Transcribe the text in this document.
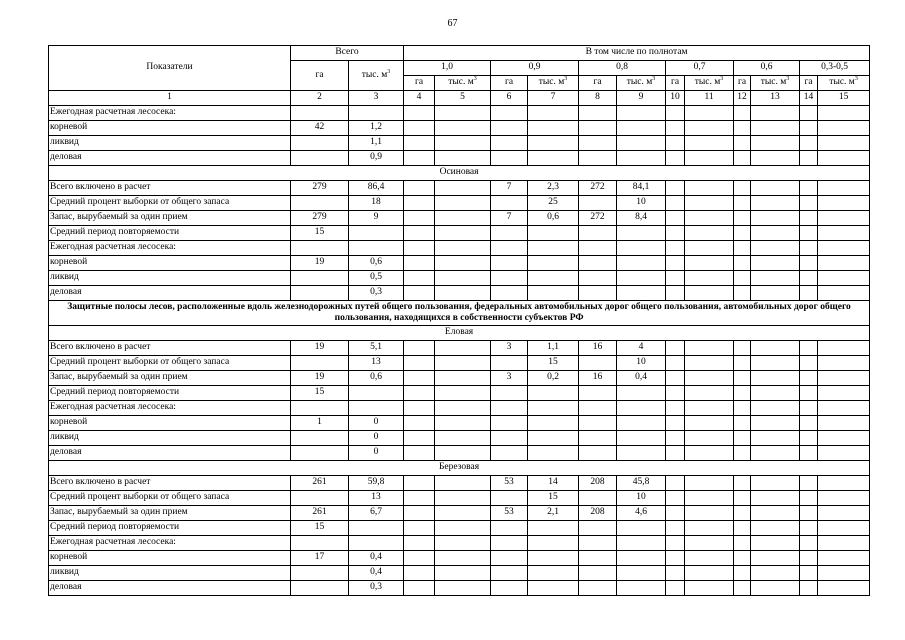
67
Показатели	Всего		В том числе по полнотам											
	га	тыс. $м^3$	1,0		0,9		0,8		0,7		0,6		0,3-0,5	
			га	тыс. $м^3$	га	тыс. $м^3$	га	тыс. $м^3$	га	тыс. $м^3$	га	тыс. $м^3$	га	тыс. $м^3$
1	2	3	4	5	6	7	8	9	10	11	12	13	14	15
Ежегодная расчетная лесосека:														
корневой	42	1,2												
ликвид		1,1												
деловая		0,9												
Осиновая														
Всего включено в расчет	279	86,4			7	2,3	272	84,1						
Средний процент выборки от общего запаса		18				25		10						
Запас, вырубаемый за один прием	279	9			7	0,6	272	8,4						
Средний период повторяемости	15													
Ежегодная расчетная лесосека:														
корневой	19	0,6												
ликвид		0,5												
деловая		0,3												
Защитные полосы лесов, расположенные вдоль железнодорожных путей общего пользования, федеральных автомобильных дорог общего пользования, автомобильных дорог общего пользования, находящихся в собственности субъектов РФ														
Еловая														
Всего включено в расчет	19	5,1			3	1,1	16	4						
Средний процент выборки от общего запаса		13				15		10						
Запас, вырубаемый за один прием	19	0,6			3	0,2	16	0,4						
Средний период повторяемости	15													
Ежегодная расчетная лесосека:														
корневой	1	0												
ликвид		0												
деловая		0												
Березовая														
Всего включено в расчет	261	59,8			53	14	208	45,8						
Средний процент выборки от общего запаса		13				15		10						
Запас, вырубаемый за один прием	261	6,7			53	2,1	208	4,6						
Средний период повторяемости	15													
Ежегодная расчетная лесосека:														
корневой	17	0,4												
ликвид		0,4												
деловая		0,3												
